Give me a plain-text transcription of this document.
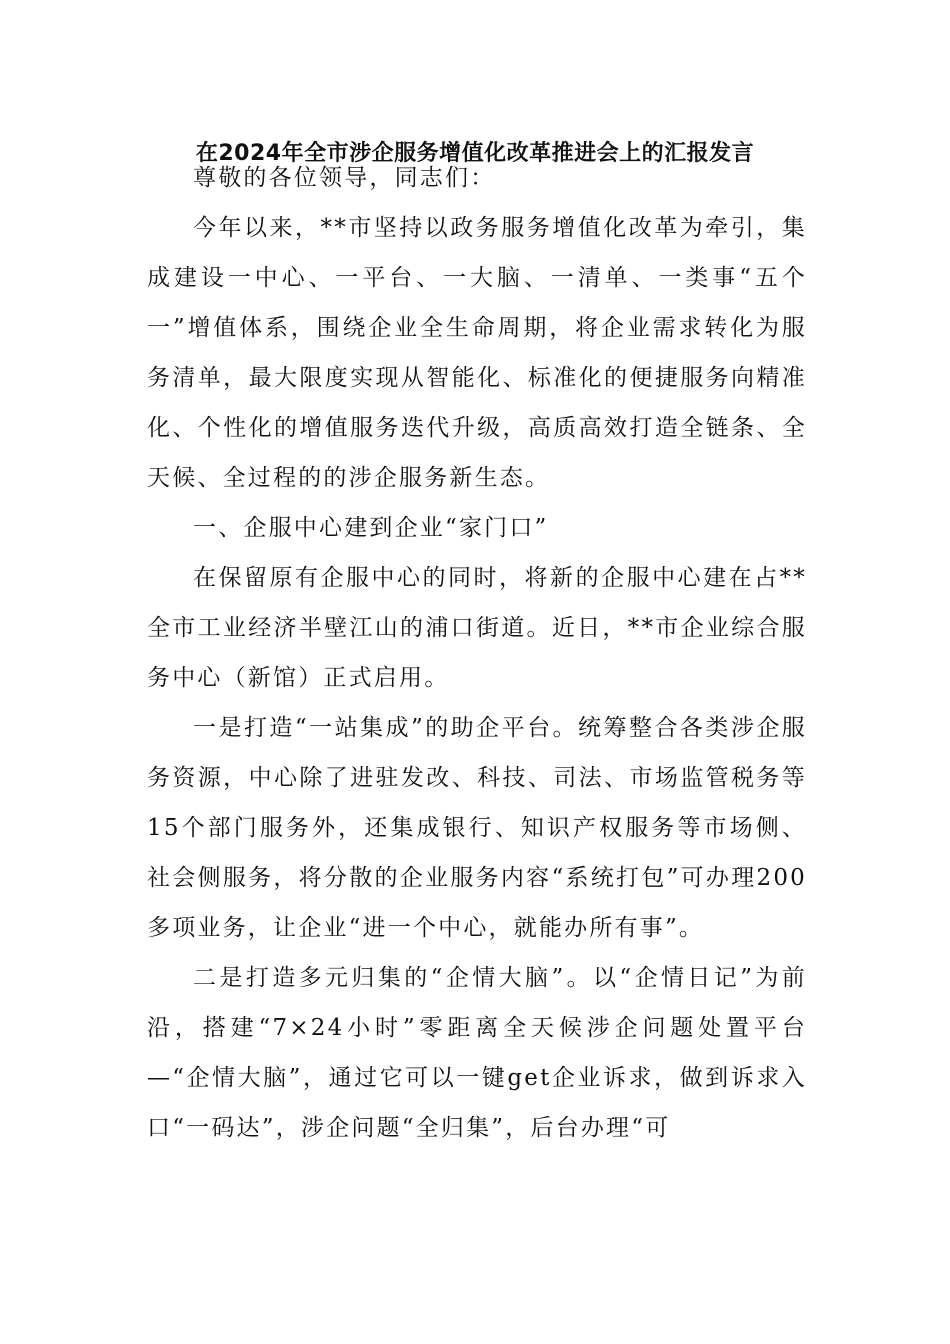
在2024年全市涉企服务增值化改革推进会上的汇报发言

尊敬的各位领导，同志们：

今年以来，**市坚持以政务服务增值化改革为牵引，集成建设一中心、一平台、一大脑、一清单、一类事“五个一”增值体系，围绕企业全生命周期，将企业需求转化为服务清单，最大限度实现从智能化、标准化的便捷服务向精准化、个性化的增值服务迭代升级，高质高效打造全链条、全天候、全过程的的涉企服务新生态。

一、企服中心建到企业“家门口”

在保留原有企服中心的同时，将新的企服中心建在占**全市工业经济半壁江山的浦口街道。近日，**市企业综合服务中心（新馆）正式启用。

一是打造“一站集成”的助企平台。统筹整合各类涉企服务资源，中心除了进驻发改、科技、司法、市场监管税务等15个部门服务外，还集成银行、知识产权服务等市场侧、社会侧服务，将分散的企业服务内容“系统打包”可办理200多项业务，让企业“进一个中心，就能办所有事”。

二是打造多元归集的“企情大脑”。以“企情日记”为前沿，搭建“7×24小时”零距离全天候涉企问题处置平台—“企情大脑”，通过它可以一键get企业诉求，做到诉求入口“一码达”，涉企问题“全归集”，后台办理“可
